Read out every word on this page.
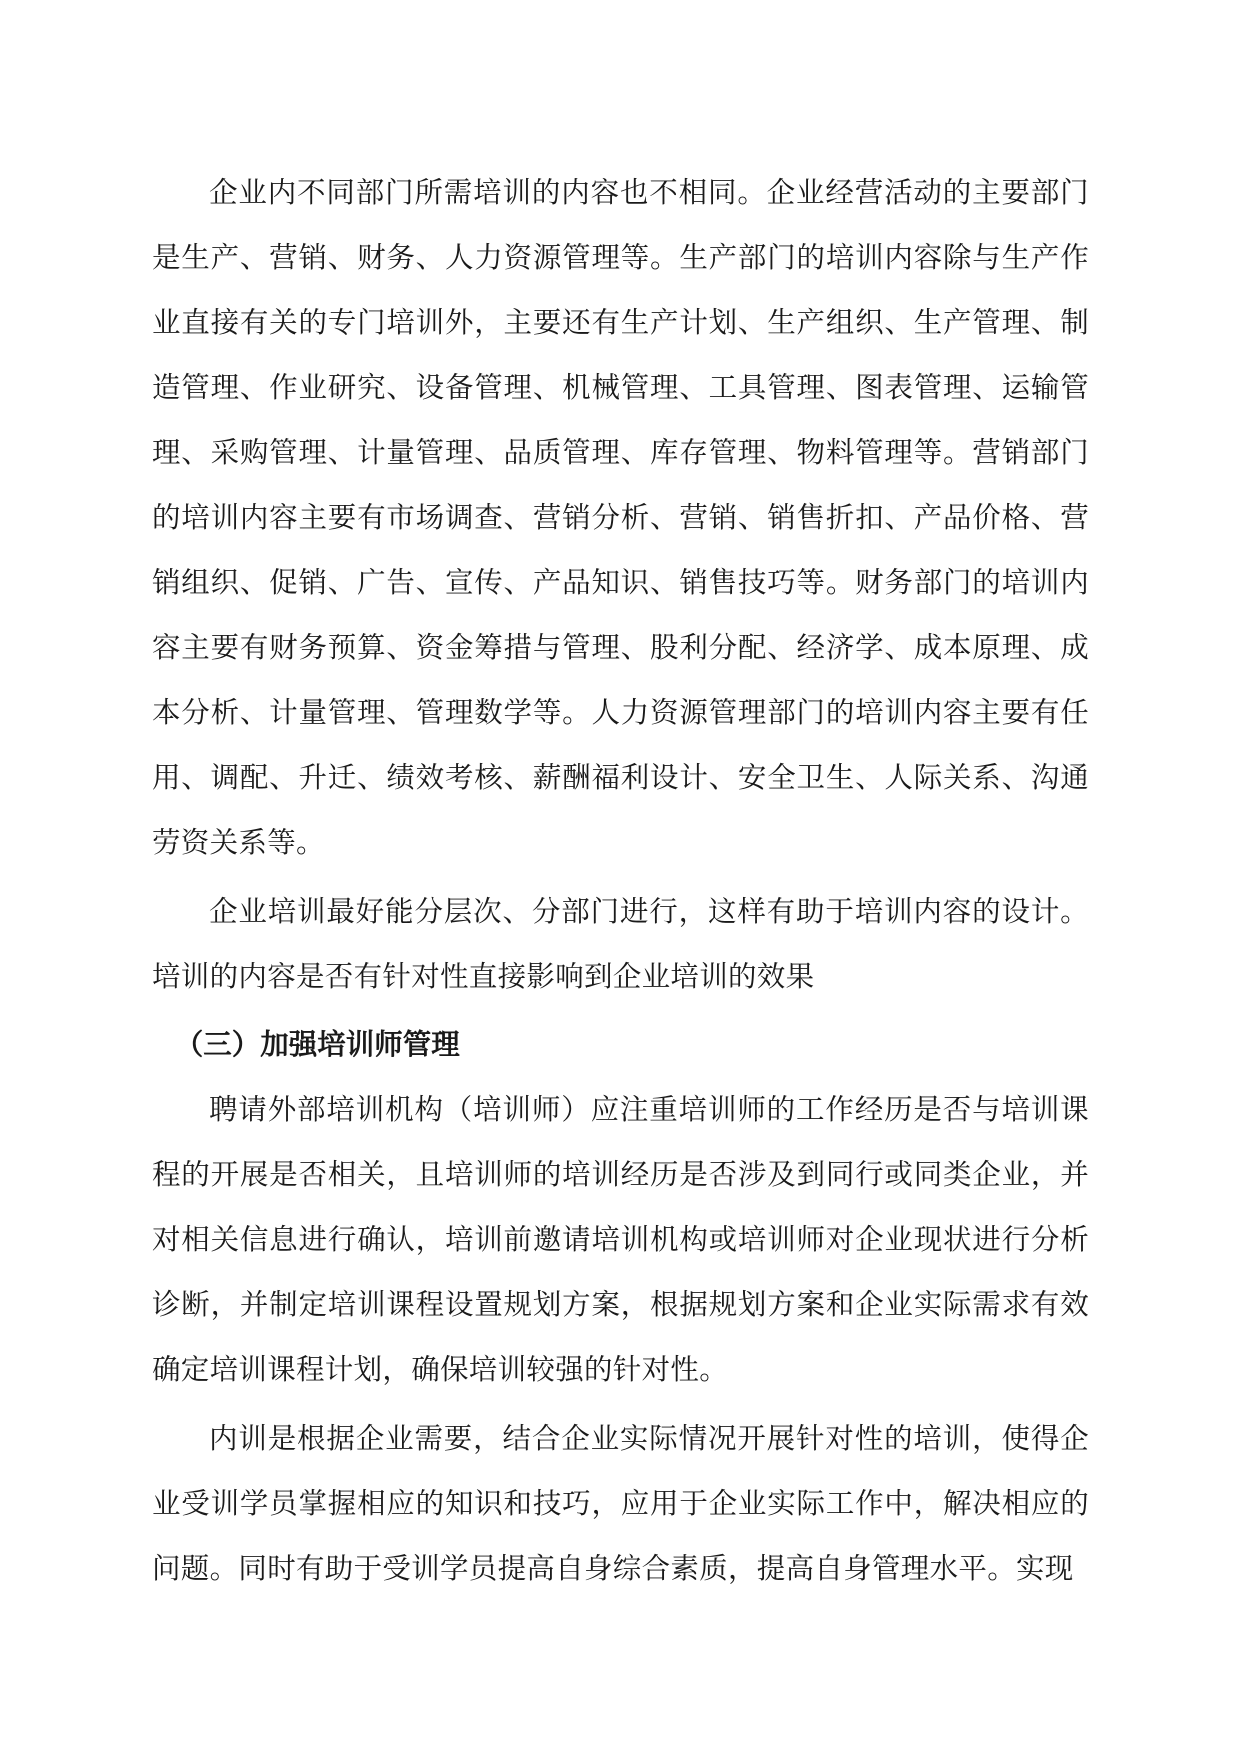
企业内不同部门所需培训的内容也不相同。企业经营活动的主要部门是生产、营销、财务、人力资源管理等。生产部门的培训内容除与生产作业直接有关的专门培训外，主要还有生产计划、生产组织、生产管理、制造管理、作业研究、设备管理、机械管理、工具管理、图表管理、运输管理、采购管理、计量管理、品质管理、库存管理、物料管理等。营销部门的培训内容主要有市场调查、营销分析、营销、销售折扣、产品价格、营销组织、促销、广告、宣传、产品知识、销售技巧等。财务部门的培训内容主要有财务预算、资金筹措与管理、股利分配、经济学、成本原理、成本分析、计量管理、管理数学等。人力资源管理部门的培训内容主要有任用、调配、升迁、绩效考核、薪酬福利设计、安全卫生、人际关系、沟通劳资关系等。

企业培训最好能分层次、分部门进行，这样有助于培训内容的设计。培训的内容是否有针对性直接影响到企业培训的效果

（三）加强培训师管理

聘请外部培训机构（培训师）应注重培训师的工作经历是否与培训课程的开展是否相关，且培训师的培训经历是否涉及到同行或同类企业，并对相关信息进行确认，培训前邀请培训机构或培训师对企业现状进行分析诊断，并制定培训课程设置规划方案，根据规划方案和企业实际需求有效确定培训课程计划，确保培训较强的针对性。

内训是根据企业需要，结合企业实际情况开展针对性的培训，使得企业受训学员掌握相应的知识和技巧，应用于企业实际工作中，解决相应的问题。同时有助于受训学员提高自身综合素质，提高自身管理水平。实现
